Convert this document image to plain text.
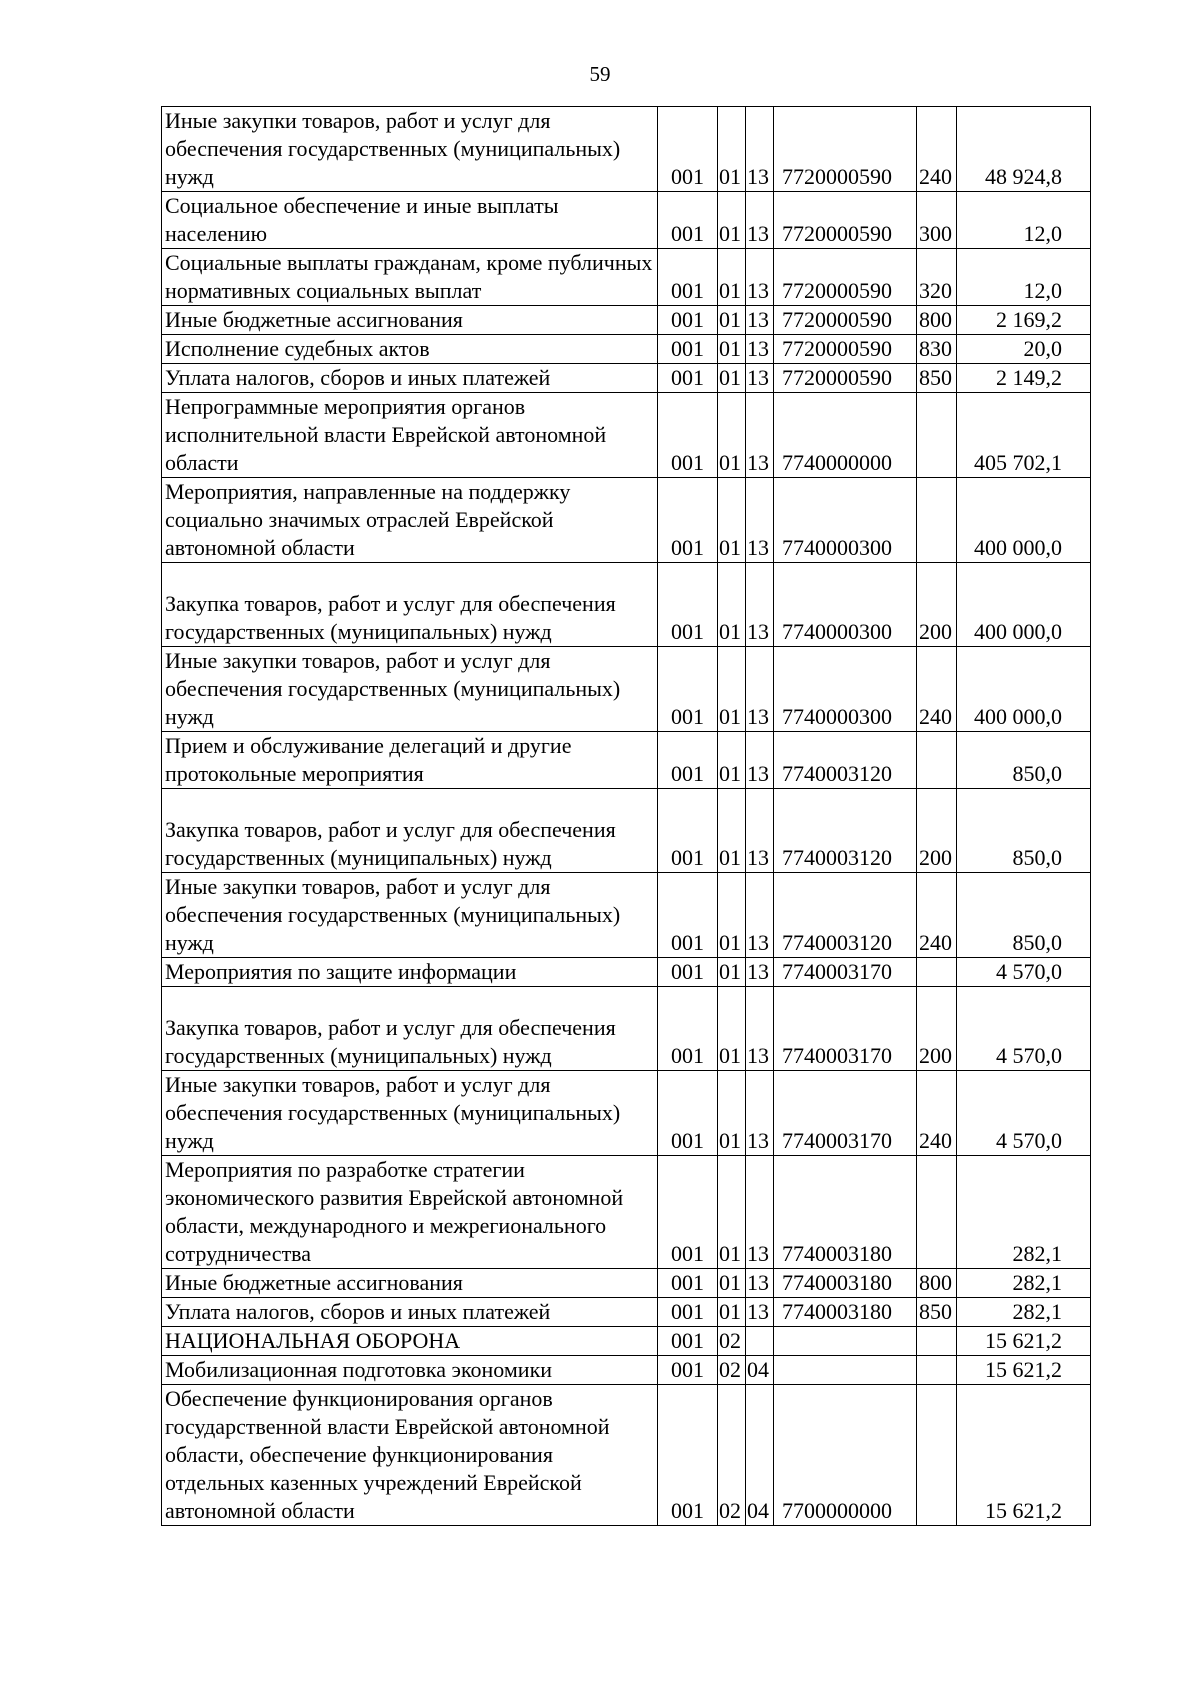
59
Иные закупки товаров, работ и услуг для обеспечения государственных (муниципальных) нужд	001	01	13	7720000590	240	48 924,8
Социальное обеспечение и иные выплаты населению	001	01	13	7720000590	300	12,0
Социальные выплаты гражданам, кроме публичных нормативных социальных выплат	001	01	13	7720000590	320	12,0
Иные бюджетные ассигнования	001	01	13	7720000590	800	2 169,2
Исполнение судебных актов	001	01	13	7720000590	830	20,0
Уплата налогов, сборов и иных платежей	001	01	13	7720000590	850	2 149,2
Непрограммные мероприятия органов исполнительной власти Еврейской автономной области	001	01	13	7740000000		405 702,1
Мероприятия, направленные на поддержку социально значимых отраслей Еврейской автономной области	001	01	13	7740000300		400 000,0
Закупка товаров, работ и услуг для обеспечения государственных (муниципальных) нужд	001	01	13	7740000300	200	400 000,0
Иные закупки товаров, работ и услуг для обеспечения государственных (муниципальных) нужд	001	01	13	7740000300	240	400 000,0
Прием и обслуживание делегаций и другие протокольные мероприятия	001	01	13	7740003120		850,0
Закупка товаров, работ и услуг для обеспечения государственных (муниципальных) нужд	001	01	13	7740003120	200	850,0
Иные закупки товаров, работ и услуг для обеспечения государственных (муниципальных) нужд	001	01	13	7740003120	240	850,0
Мероприятия по защите информации	001	01	13	7740003170		4 570,0
Закупка товаров, работ и услуг для обеспечения государственных (муниципальных) нужд	001	01	13	7740003170	200	4 570,0
Иные закупки товаров, работ и услуг для обеспечения государственных (муниципальных) нужд	001	01	13	7740003170	240	4 570,0
Мероприятия по разработке стратегии экономического развития Еврейской автономной области, международного и межрегионального сотрудничества	001	01	13	7740003180		282,1
Иные бюджетные ассигнования	001	01	13	7740003180	800	282,1
Уплата налогов, сборов и иных платежей	001	01	13	7740003180	850	282,1
НАЦИОНАЛЬНАЯ ОБОРОНА	001	02				15 621,2
Мобилизационная подготовка экономики	001	02	04			15 621,2
Обеспечение функционирования органов государственной власти Еврейской автономной области, обеспечение функционирования отдельных казенных учреждений Еврейской автономной области	001	02	04	7700000000		15 621,2
